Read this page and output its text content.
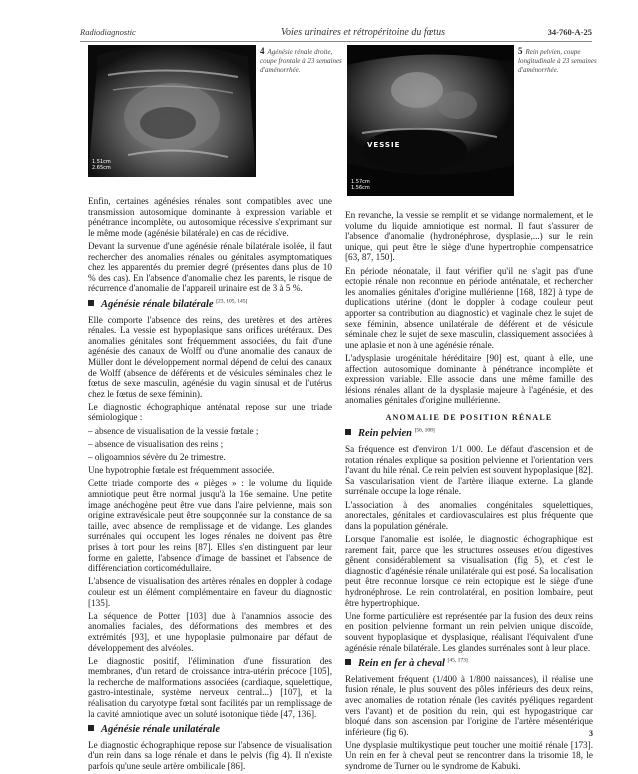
Radiodiagnostic	Voies urinaires et rétropéritoine du fœtus	34-760-A-25
1.51cm
2.65cm
4 Agénésie rénale droite, coupe frontale à 23 semaines d'aménorrhée.
VESSIE
1.57cm
1.56cm
5 Rein pelvien, coupe longitudinale à 23 semaines d'aménorrhée.

Enfin, certaines agénésies rénales sont compatibles avec une transmission autosomique dominante à expression variable et pénétrance incomplète, ou autosomique récessive s'exprimant sur le même mode (agénésie bilatérale) en cas de récidive.

Devant la survenue d'une agénésie rénale bilatérale isolée, il faut rechercher des anomalies rénales ou génitales asymptomatiques chez les apparentés du premier degré (présentes dans plus de 10 % des cas). En l'absence d'anomalie chez les parents, le risque de récurrence d'anomalie de l'appareil urinaire est de 3 à 5 %.

Agénésie rénale bilatérale [23, 105, 145]

Elle comporte l'absence des reins, des uretères et des artères rénales. La vessie est hypoplasique sans orifices urétéraux. Des anomalies génitales sont fréquemment associées, du fait d'une agénésie des canaux de Wolff ou d'une anomalie des canaux de Müller dont le développement normal dépend de celui des canaux de Wolff (absence de déférents et de vésicules séminales chez le fœtus de sexe masculin, agénésie du vagin sinusal et de l'utérus chez le fœtus de sexe féminin).

Le diagnostic échographique anténatal repose sur une triade sémiologique :

– absence de visualisation de la vessie fœtale ;

– absence de visualisation des reins ;

– oligoamnios sévère du 2e trimestre.

Une hypotrophie fœtale est fréquemment associée.

Cette triade comporte des « pièges » : le volume du liquide amniotique peut être normal jusqu'à la 16e semaine. Une petite image anéchogène peut être vue dans l'aire pelvienne, mais son origine extravésicale peut être soupçonnée sur la constance de sa taille, avec absence de remplissage et de vidange. Les glandes surrénales qui occupent les loges rénales ne doivent pas être prises à tort pour les reins [87]. Elles s'en distinguent par leur forme en galette, l'absence d'image de bassinet et l'absence de différenciation corticomédullaire.

L'absence de visualisation des artères rénales en doppler à codage couleur est un élément complémentaire en faveur du diagnostic [135].

La séquence de Potter [103] due à l'anamnios associe des anomalies faciales, des déformations des membres et des extrémités [93], et une hypoplasie pulmonaire par défaut de développement des alvéoles.

Le diagnostic positif, l'élimination d'une fissuration des membranes, d'un retard de croissance intra-utérin précoce [105], la recherche de malformations associées (cardiaque, squelettique, gastro-intestinale, système nerveux central...) [107], et la réalisation du caryotype fœtal sont facilités par un remplissage de la cavité amniotique avec un soluté isotonique tiède [47, 136].

Agénésie rénale unilatérale

Le diagnostic échographique repose sur l'absence de visualisation d'un rein dans sa loge rénale et dans le pelvis (fig 4). Il n'existe parfois qu'une seule artère ombilicale [86].

En revanche, la vessie se remplit et se vidange normalement, et le volume du liquide amniotique est normal. Il faut s'assurer de l'absence d'anomalie (hydronéphrose, dysplasie,...) sur le rein unique, qui peut être le siège d'une hypertrophie compensatrice [63, 87, 150].

En période néonatale, il faut vérifier qu'il ne s'agit pas d'une ectopie rénale non reconnue en période anténatale, et rechercher les anomalies génitales d'origine mullérienne [168, 182] à type de duplications utérine (dont le doppler à codage couleur peut apporter sa contribution au diagnostic) et vaginale chez le sujet de sexe féminin, absence unilatérale de déférent et de vésicule séminale chez le sujet de sexe masculin, classiquement associées à une aplasie et non à une agénésie rénale.

L'adysplasie urogénitale héréditaire [90] est, quant à elle, une affection autosomique dominante à pénétrance incomplète et expression variable. Elle associe dans une même famille des lésions rénales allant de la dysplasie majeure à l'agénésie, et des anomalies génitales d'origine mullérienne.

ANOMALIE DE POSITION RÉNALE
Rein pelvien [56, 108]

Sa fréquence est d'environ 1/1 000. Le défaut d'ascension et de rotation rénales explique sa position pelvienne et l'orientation vers l'avant du hile rénal. Ce rein pelvien est souvent hypoplasique [82]. Sa vascularisation vient de l'artère iliaque externe. La glande surrénale occupe la loge rénale.

L'association à des anomalies congénitales squelettiques, anorectales, génitales et cardiovasculaires est plus fréquente que dans la population générale.

Lorsque l'anomalie est isolée, le diagnostic échographique est rarement fait, parce que les structures osseuses et/ou digestives gênent considérablement sa visualisation (fig 5), et c'est le diagnostic d'agénésie rénale unilatérale qui est posé. Sa localisation peut être reconnue lorsque ce rein ectopique est le siège d'une hydronéphrose. Le rein controlatéral, en position lombaire, peut être hypertrophique.

Une forme particulière est représentée par la fusion des deux reins en position pelvienne formant un rein pelvien unique discoïde, souvent hypoplasique et dysplasique, réalisant l'équivalent d'une agénésie rénale bilatérale. Les glandes surrénales sont à leur place.

Rein en fer à cheval [45, 173]

Relativement fréquent (1/400 à 1/800 naissances), il réalise une fusion rénale, le plus souvent des pôles inférieurs des deux reins, avec anomalies de rotation rénale (les cavités pyéliques regardent vers l'avant) et de position du rein, qui est hypogastrique car bloqué dans son ascension par l'origine de l'artère mésentérique inférieure (fig 6).

Une dysplasie multikystique peut toucher une moitié rénale [173]. Un rein en fer à cheval peut se rencontrer dans la trisomie 18, le syndrome de Turner ou le syndrome de Kabuki.

3
